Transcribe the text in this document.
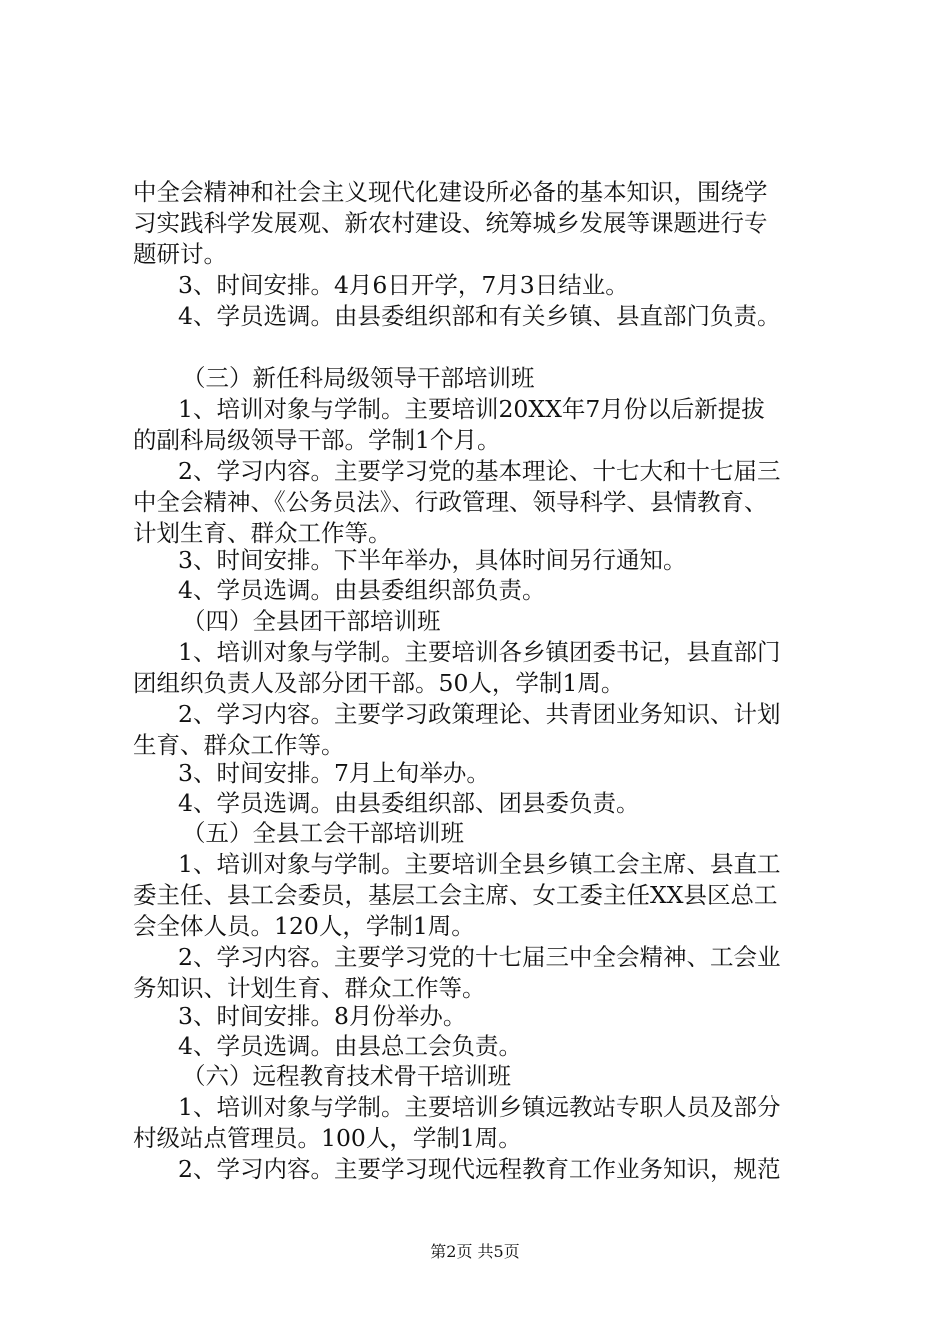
中全会精神和社会主义现代化建设所必备的基本知识，围绕学
习实践科学发展观、新农村建设、统筹城乡发展等课题进行专
题研讨。
3、时间安排。4月6日开学，7月3日结业。
4、学员选调。由县委组织部和有关乡镇、县直部门负责。
（三）新任科局级领导干部培训班
1、培训对象与学制。主要培训20XX年7月份以后新提拔
的副科局级领导干部。学制1个月。
2、学习内容。主要学习党的基本理论、十七大和十七届三
中全会精神、《公务员法》、行政管理、领导科学、县情教育、
计划生育、群众工作等。
3、时间安排。下半年举办，具体时间另行通知。
4、学员选调。由县委组织部负责。
（四）全县团干部培训班
1、培训对象与学制。主要培训各乡镇团委书记，县直部门
团组织负责人及部分团干部。50人，学制1周。
2、学习内容。主要学习政策理论、共青团业务知识、计划
生育、群众工作等。
3、时间安排。7月上旬举办。
4、学员选调。由县委组织部、团县委负责。
（五）全县工会干部培训班
1、培训对象与学制。主要培训全县乡镇工会主席、县直工
委主任、县工会委员，基层工会主席、女工委主任XX县区总工
会全体人员。120人，学制1周。
2、学习内容。主要学习党的十七届三中全会精神、工会业
务知识、计划生育、群众工作等。
3、时间安排。8月份举办。
4、学员选调。由县总工会负责。
（六）远程教育技术骨干培训班
1、培训对象与学制。主要培训乡镇远教站专职人员及部分
村级站点管理员。100人，学制1周。
2、学习内容。主要学习现代远程教育工作业务知识，规范
第2页 共5页
